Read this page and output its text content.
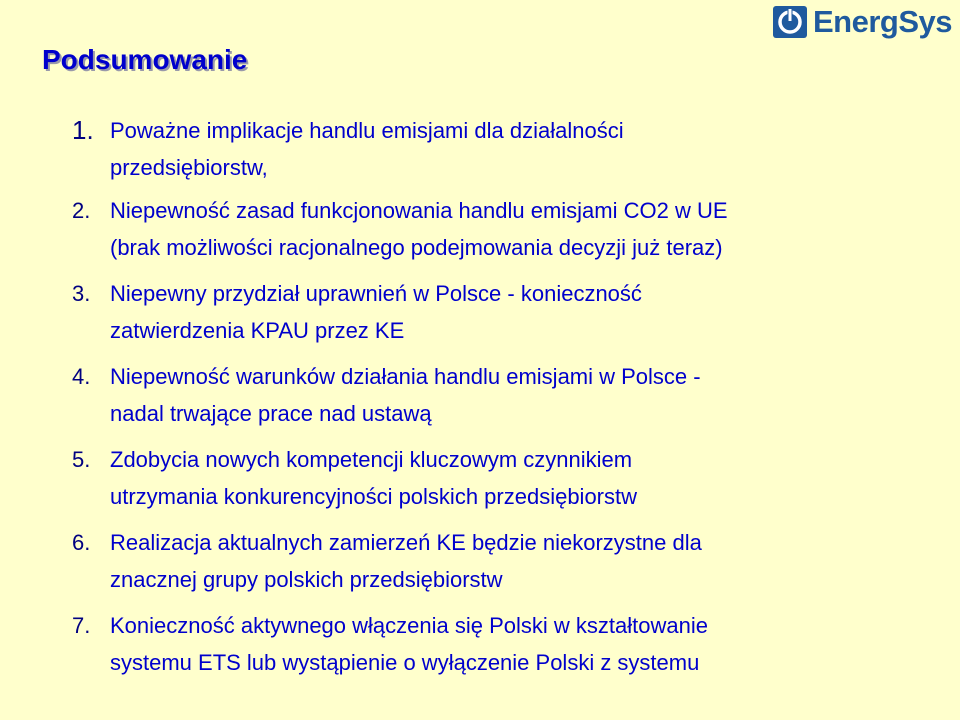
EnergSys
Podsumowanie
1. Poważne implikacje handlu emisjami dla działalności
przedsiębiorstw,
2. Niepewność zasad funkcjonowania handlu emisjami CO2 w UE
(brak możliwości racjonalnego podejmowania decyzji już teraz)
3. Niepewny przydział uprawnień w Polsce - konieczność
zatwierdzenia KPAU przez KE
4. Niepewność warunków działania handlu emisjami w Polsce -
nadal trwające prace nad ustawą
5. Zdobycia nowych kompetencji kluczowym czynnikiem
utrzymania konkurencyjności polskich przedsiębiorstw
6. Realizacja aktualnych zamierzeń KE będzie niekorzystne dla
znacznej grupy polskich przedsiębiorstw
7. Konieczność aktywnego włączenia się Polski w kształtowanie
systemu ETS lub wystąpienie o wyłączenie Polski z systemu
